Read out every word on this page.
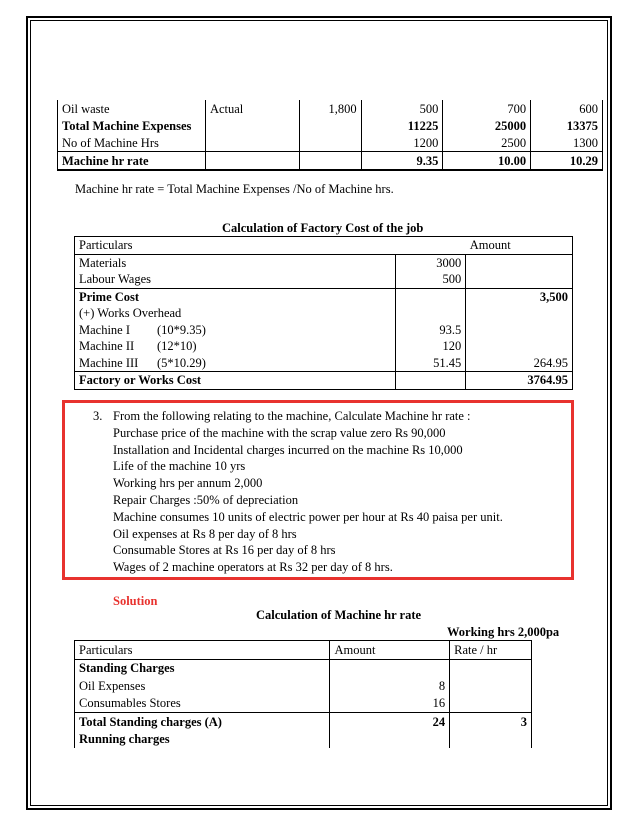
Oil waste	Actual	1,800	500	700	600
Total Machine Expenses			11225	25000	13375
No of Machine Hrs			1200	2500	1300
Machine hr rate			9.35	10.00	10.29
Machine hr rate = Total Machine Expenses /No of Machine hrs.
Calculation of Factory Cost of the job
Particulars		Amount
Materials	3000	
Labour Wages	500	
Prime Cost		3,500
(+) Works Overhead		
Machine I (10*9.35)	93.5	
Machine II (12*10)	120	
Machine III (5*10.29)	51.45	264.95
Factory or Works Cost		3764.95
3. From the following relating to the machine, Calculate Machine hr rate :
Purchase price of the machine with the scrap value zero Rs 90,000
Installation and Incidental charges incurred on the machine Rs 10,000
Life of the machine 10 yrs
Working hrs per annum 2,000
Repair Charges :50% of depreciation
Machine consumes 10 units of electric power per hour at Rs 40 paisa per unit.
Oil expenses at Rs 8 per day of 8 hrs
Consumable Stores at Rs 16 per day of 8 hrs
Wages of 2 machine operators at Rs 32 per day of 8 hrs.
Solution
Calculation of Machine hr rate
Working hrs 2,000pa
Particulars	Amount	Rate / hr
Standing Charges		
Oil Expenses	8	
Consumables Stores	16	
Total Standing charges (A)	24	3
Running charges		
